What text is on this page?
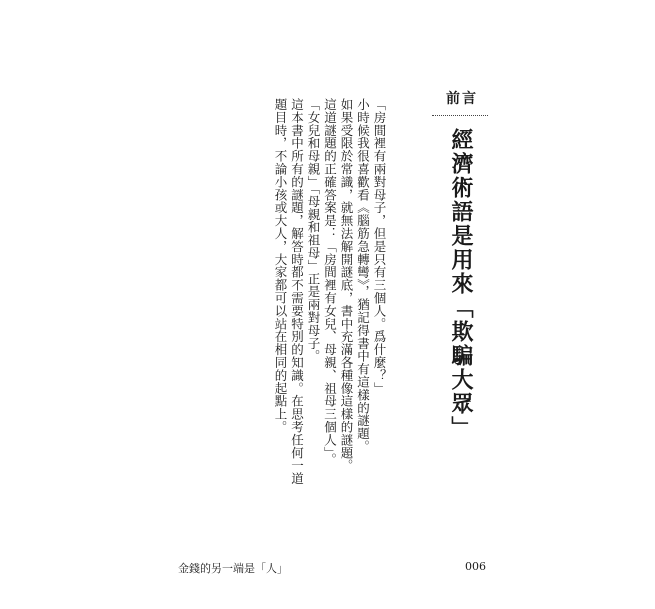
前言
經濟術語是用來「欺騙大眾」

「房間裡有兩對母子，但是只有三個人。爲什麼？」

小時候我很喜歡看《腦筋急轉彎》，猶記得書中有這樣的謎題。

如果受限於常識，就無法解開謎底，書中充滿各種像這樣的謎題。

這道謎題的正確答案是：「房間裡有女兒、母親、祖母三個人」。

「女兒和母親」「母親和祖母」正是兩對母子。

這本書中所有的謎題，解答時都不需要特別的知識。在思考任何一道題目時，不論小孩或大人，大家都可以站在相同的起點上。

金錢的另一端是「人」	006
